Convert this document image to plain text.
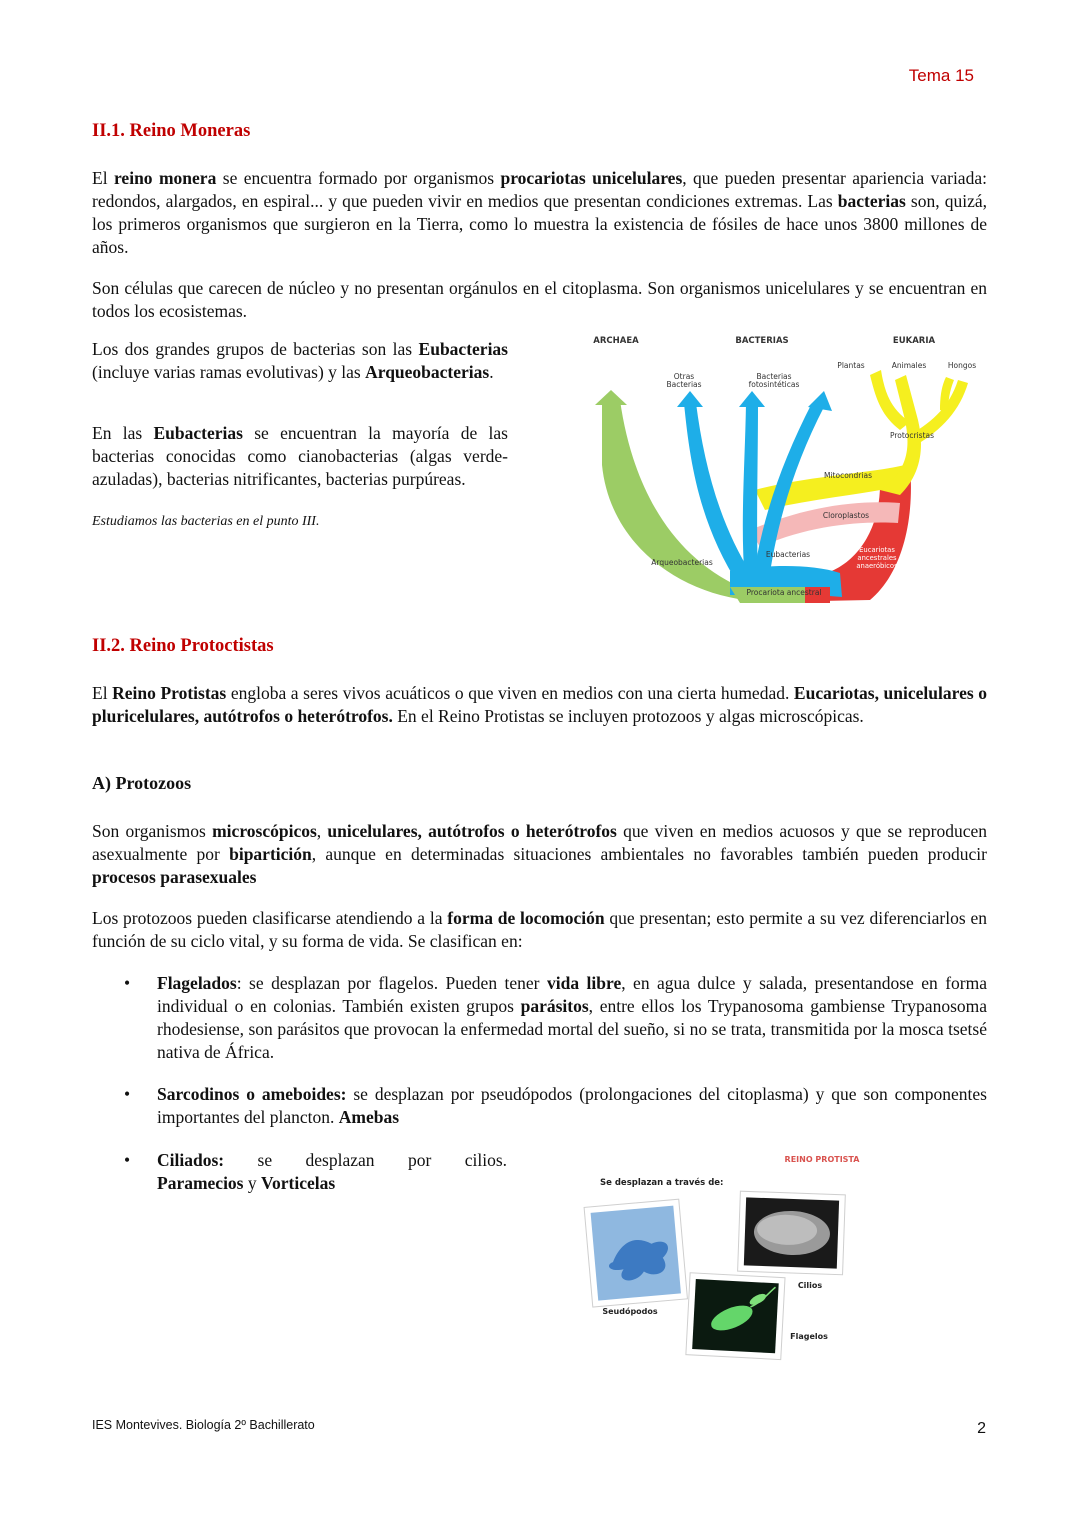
Tema 15
II.1. Reino Moneras
El reino monera se encuentra formado por organismos procariotas unicelulares, que pueden presentar apariencia variada: redondos, alargados, en espiral... y que pueden vivir en medios que presentan condiciones extremas. Las bacterias son, quizá, los primeros organismos que surgieron en la Tierra, como lo muestra la existencia de fósiles de hace unos 3800 millones de años.
Son células que carecen de núcleo y no presentan orgánulos en el citoplasma. Son organismos unicelulares y se encuentran en todos los ecosistemas.
Los dos grandes grupos de bacterias son las Eubacterias (incluye varias ramas evolutivas) y las Arqueobacterias.
En las Eubacterias se encuentran la mayoría de las bacterias conocidas como cianobacterias (algas verde-azuladas), bacterias nitrificantes, bacterias purpúreas.
Estudiamos las bacterias en el punto III.
ARCHAEA	BACTERIAS	EUKARIA
Otras
Bacterias
Bacterias
fotosintéticas
Plantas	Animales	Hongos
Protocristas
Mitocondrias
Cloroplastos
Eubacterias
Arqueobacterias
Eucariotas
ancestrales
anaeróbicos
Procariota ancestral
II.2. Reino Protoctistas
El Reino Protistas engloba a seres vivos acuáticos o que viven en medios con una cierta humedad. Eucariotas, unicelulares o pluricelulares, autótrofos o heterótrofos. En el Reino Protistas se incluyen protozoos y algas microscópicas.
A) Protozoos
Son organismos microscópicos, unicelulares, autótrofos o heterótrofos que viven en medios acuosos y que se reproducen asexualmente por bipartición, aunque en determinadas situaciones ambientales no favorables también pueden producir procesos parasexuales
Los protozoos pueden clasificarse atendiendo a la forma de locomoción que presentan; esto permite a su vez diferenciarlos en función de su ciclo vital, y su forma de vida. Se clasifican en:
• Flagelados: se desplazan por flagelos. Pueden tener vida libre, en agua dulce y salada, presentandose en forma individual o en colonias. También existen grupos parásitos, entre ellos los Trypanosoma gambiense Trypanosoma rhodesiense, son parásitos que provocan la enfermedad mortal del sueño, si no se trata, transmitida por la mosca tsetsé nativa de África.
• Sarcodinos o ameboides: se desplazan por pseudópodos (prolongaciones del citoplasma) y que son componentes importantes del plancton. Amebas
• Ciliados: se desplazan por cilios.
Paramecios y Vorticelas
REINO PROTISTA
Se desplazan a través de:
Seudópodos
Cilios
Flagelos
IES Montevives. Biología 2º Bachillerato	2
